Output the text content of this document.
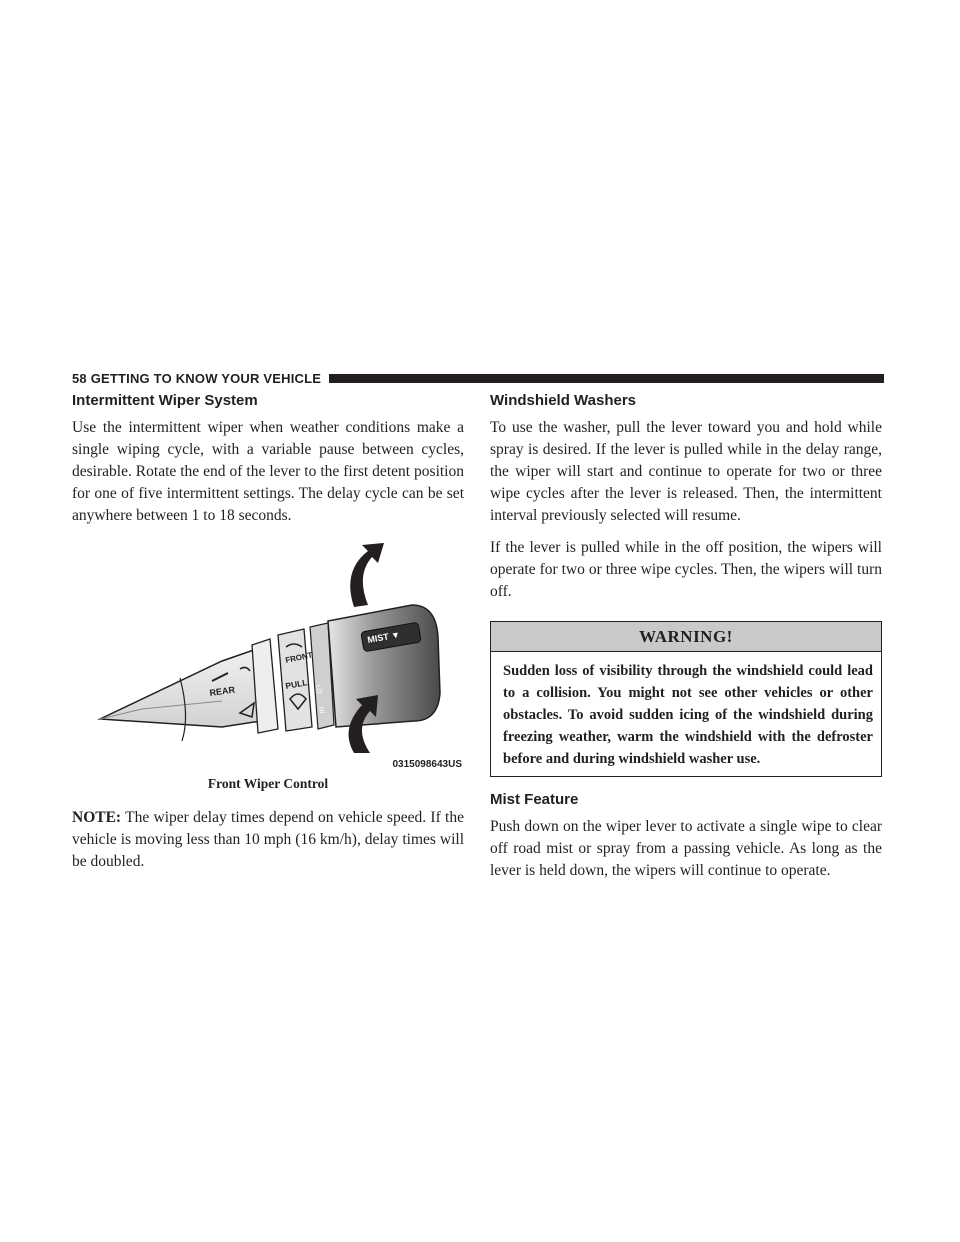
58 GETTING TO KNOW YOUR VEHICLE
Intermittent Wiper System

Use the intermittent wiper when weather conditions make a single wiping cycle, with a variable pause between cycles, desirable. Rotate the end of the lever to the first detent position for one of five intermittent settings. The delay cycle can be set anywhere between 1 to 18 seconds.

REAR
FRONT
PULL
MIST ▼
LO
HI
0315098643US

Front Wiper Control

NOTE: The wiper delay times depend on vehicle speed. If the vehicle is moving less than 10 mph (16 km/h), delay times will be doubled.

Windshield Washers

To use the washer, pull the lever toward you and hold while spray is desired. If the lever is pulled while in the delay range, the wiper will start and continue to operate for two or three wipe cycles after the lever is released. Then, the intermittent interval previously selected will resume.

If the lever is pulled while in the off position, the wipers will operate for two or three wipe cycles. Then, the wipers will turn off.

WARNING!
Sudden loss of visibility through the windshield could lead to a collision. You might not see other vehicles or other obstacles. To avoid sudden icing of the windshield during freezing weather, warm the windshield with the defroster before and during windshield washer use.
Mist Feature

Push down on the wiper lever to activate a single wipe to clear off road mist or spray from a passing vehicle. As long as the lever is held down, the wipers will continue to operate.
